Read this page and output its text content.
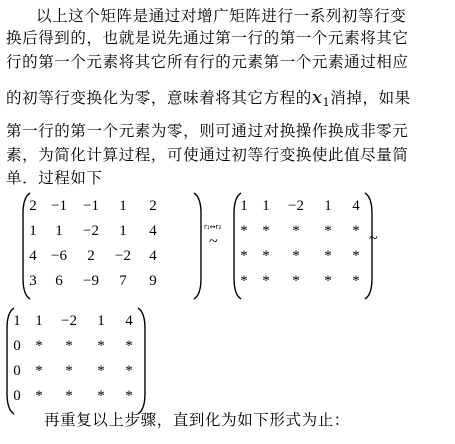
以上这个矩阵是通过对增广矩阵进行一系列初等行变
换后得到的，也就是说先通过第一行的第一个元素将其它
行的第一个元素将其它所有行的元素第一个元素通过相应
的初等行变换化为零，意味着将其它方程的$x_1$消掉，如果
第一行的第一个元素为零，则可通过对换操作换成非零元
素，为简化计算过程，可使通过初等行变换使此值尽量简
单．过程如下
2 −1	−1	1	2
1	1	−2	1	4
4 −6	2	−2	4
3	6	−9	7	9
r₁↔r₂
~
1 1	−2	1	4
* *	*	*	*
* *	*	*	*
* *	*	*	*
~
1 1	−2	1	4
0 *	*	*	*
0 *	*	*	*
0 *	*	*	*
再重复以上步骤，直到化为如下形式为止：
